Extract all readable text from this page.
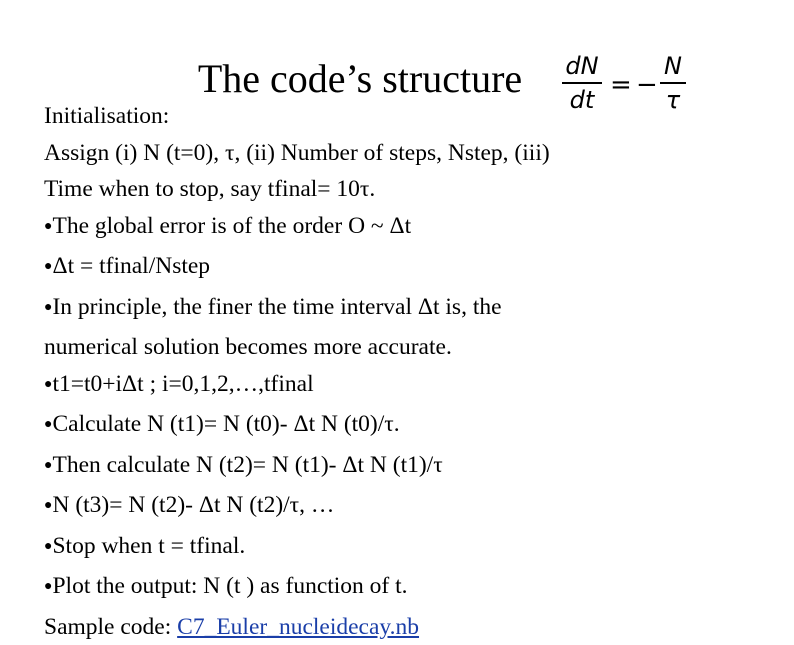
The code’s structure	dN
dt = −
N
τ
Initialisation:
Assign (i) N (t=0), τ, (ii) Number of steps, Nstep, (iii)
Time when to stop, say tfinal= 10τ.
●The global error is of the order O ~ Δt
●Δt = tfinal/Nstep
●In principle, the finer the time interval Δt is, the
numerical solution becomes more accurate.
●t1=t0+iΔt ; i=0,1,2,…,tfinal
●Calculate N (t1)= N (t0)- Δt N (t0)/τ.
●Then calculate N (t2)= N (t1)- Δt N (t1)/τ
●N (t3)= N (t2)- Δt N (t2)/τ, …
●Stop when t = tfinal.
●Plot the output: N (t ) as function of t.
Sample code: C7_Euler_nucleidecay.nb
